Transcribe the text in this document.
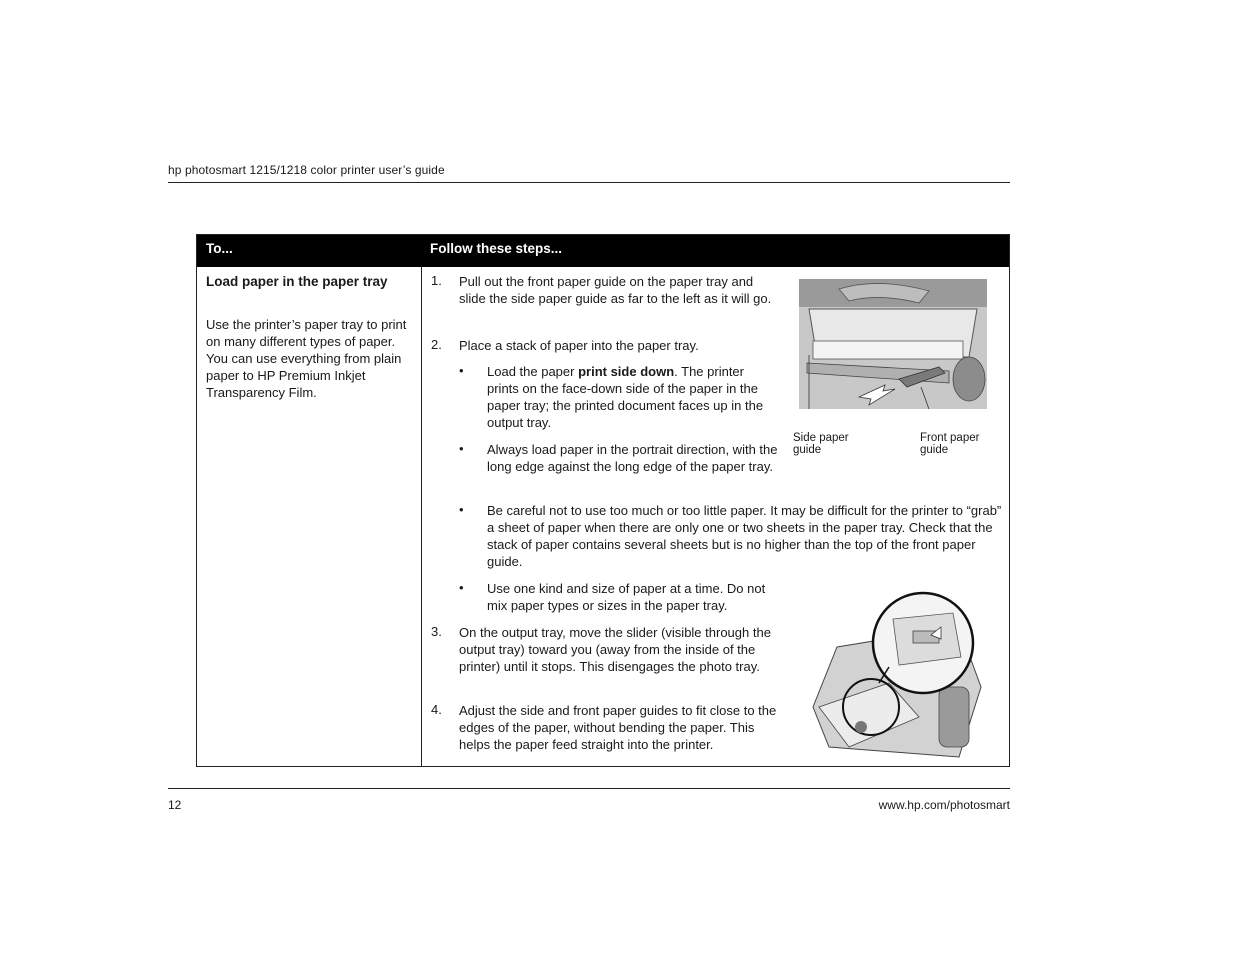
hp photosmart 1215/1218 color printer user’s guide
To...	Follow these steps...
Load paper in the paper tray
Use the printer’s paper tray to print on many different types of paper. You can use everything from plain paper to HP Premium Inkjet Transparency Film.
1. Pull out the front paper guide on the paper tray and slide the side paper guide as far to the left as it will go.
2. Place a stack of paper into the paper tray.
• Load the paper print side down. The printer prints on the face-down side of the paper in the paper tray; the printed document faces up in the output tray.
• Always load paper in the portrait direction, with the long edge against the long edge of the paper tray.
• Be careful not to use too much or too little paper. It may be difficult for the printer to “grab” a sheet of paper when there are only one or two sheets in the paper tray. Check that the stack of paper contains several sheets but is no higher than the top of the front paper guide.
• Use one kind and size of paper at a time. Do not mix paper types or sizes in the paper tray.
3. On the output tray, move the slider (visible through the output tray) toward you (away from the inside of the printer) until it stops. This disengages the photo tray.
4. Adjust the side and front paper guides to fit close to the edges of the paper, without bending the paper. This helps the paper feed straight into the printer.
Side paper guide
Front paper guide
12	www.hp.com/photosmart
